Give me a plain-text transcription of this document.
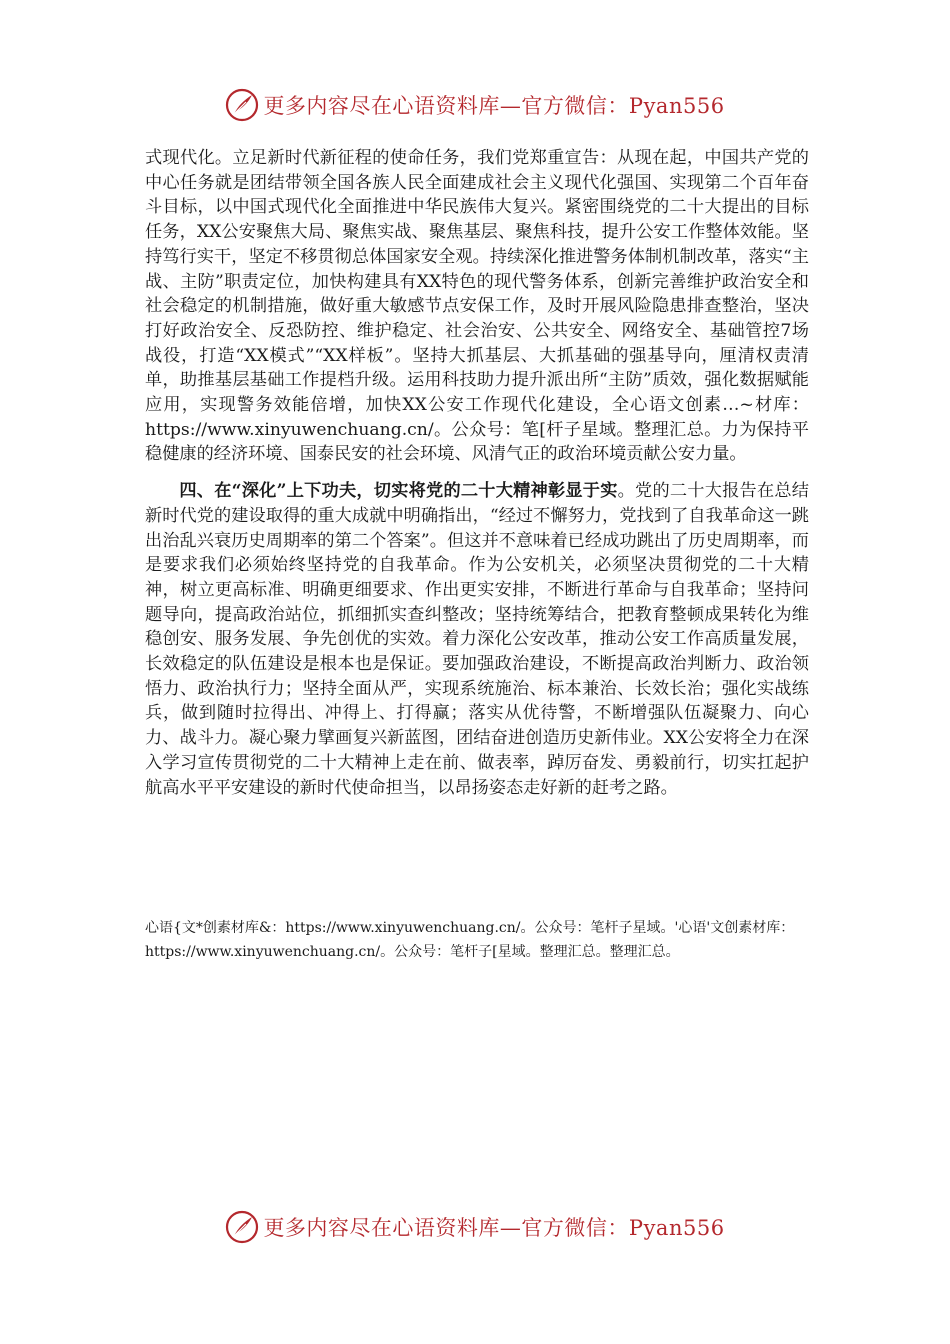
更多内容尽在心语资料库—官方微信：Pyan556

式现代化。立足新时代新征程的使命任务，我们党郑重宣告：从现在起，中国共产党的中心任务就是团结带领全国各族人民全面建成社会主义现代化强国、实现第二个百年奋斗目标，以中国式现代化全面推进中华民族伟大复兴。紧密围绕党的二十大提出的目标任务，XX公安聚焦大局、聚焦实战、聚焦基层、聚焦科技，提升公安工作整体效能。坚持笃行实干，坚定不移贯彻总体国家安全观。持续深化推进警务体制机制改革，落实“主战、主防”职责定位，加快构建具有XX特色的现代警务体系，创新完善维护政治安全和社会稳定的机制措施，做好重大敏感节点安保工作，及时开展风险隐患排查整治，坚决打好政治安全、反恐防控、维护稳定、社会治安、公共安全、网络安全、基础管控7场战役，打造“XX模式”“XX样板”。坚持大抓基层、大抓基础的强基导向，厘清权责清单，助推基层基础工作提档升级。运用科技助力提升派出所“主防”质效，强化数据赋能应用，实现警务效能倍增，加快XX公安工作现代化建设，全心语文创素…~材库：https://www.xinyuwenchuang.cn/。公众号：笔[杆子星域。整理汇总。力为保持平稳健康的经济环境、国泰民安的社会环境、风清气正的政治环境贡献公安力量。

四、在“深化”上下功夫，切实将党的二十大精神彰显于实。党的二十大报告在总结新时代党的建设取得的重大成就中明确指出，“经过不懈努力，党找到了自我革命这一跳出治乱兴衰历史周期率的第二个答案”。但这并不意味着已经成功跳出了历史周期率，而是要求我们必须始终坚持党的自我革命。作为公安机关，必须坚决贯彻党的二十大精神，树立更高标准、明确更细要求、作出更实安排，不断进行革命与自我革命；坚持问题导向，提高政治站位，抓细抓实查纠整改；坚持统筹结合，把教育整顿成果转化为维稳创安、服务发展、争先创优的实效。着力深化公安改革，推动公安工作高质量发展，长效稳定的队伍建设是根本也是保证。要加强政治建设，不断提高政治判断力、政治领悟力、政治执行力；坚持全面从严，实现系统施治、标本兼治、长效长治；强化实战练兵，做到随时拉得出、冲得上、打得赢；落实从优待警，不断增强队伍凝聚力、向心力、战斗力。凝心聚力擘画复兴新蓝图，团结奋进创造历史新伟业。XX公安将全力在深入学习宣传贯彻党的二十大精神上走在前、做表率，踔厉奋发、勇毅前行，切实扛起护航高水平平安建设的新时代使命担当，以昂扬姿态走好新的赶考之路。

心语{文*创素材库&：https://www.xinyuwenchuang.cn/。公众号：笔杆子星域。'心语'文创素材库：https://www.xinyuwenchuang.cn/。公众号：笔杆子[星域。整理汇总。整理汇总。
更多内容尽在心语资料库—官方微信：Pyan556
